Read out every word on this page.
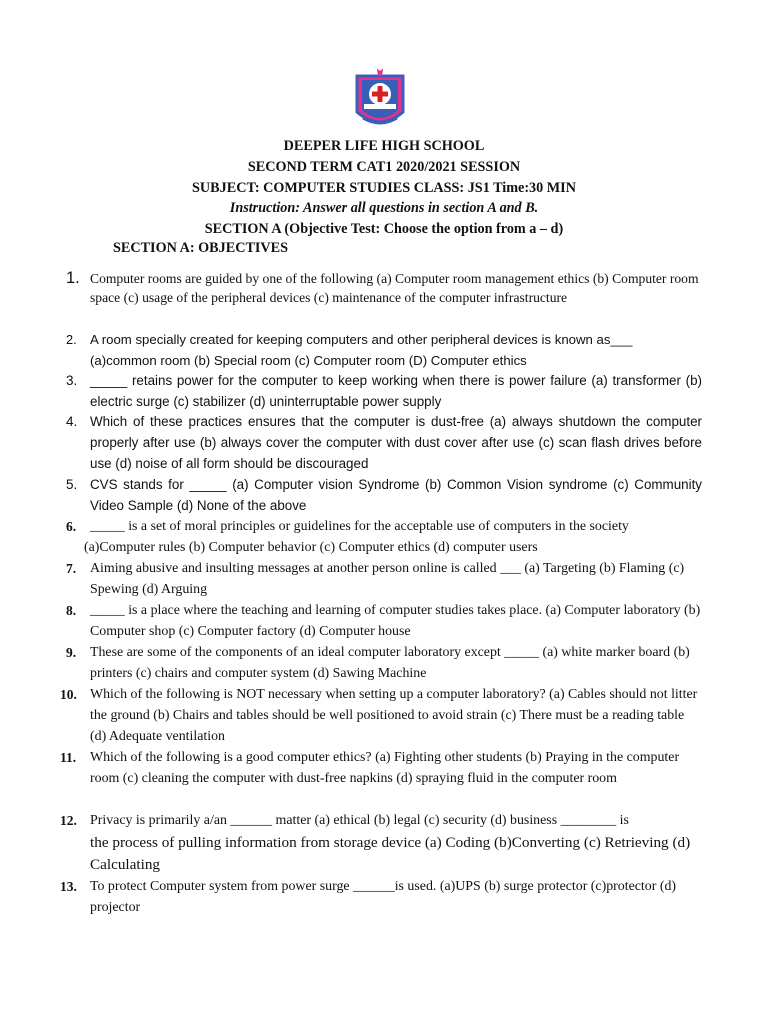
DEEPER LIFE HIGH SCHOOL
SECOND TERM CAT1 2020/2021 SESSION
SUBJECT: COMPUTER STUDIES CLASS: JS1 Time:30 MIN
Instruction: Answer all questions in section A and B.
SECTION A (Objective Test: Choose the option from a – d)
SECTION A: OBJECTIVES
1. Computer rooms are guided by one of the following (a) Computer room management ethics (b) Computer room space (c) usage of the peripheral devices (c) maintenance of the computer infrastructure
2. A room specially created for keeping computers and other peripheral devices is known as___ (a)common room (b) Special room (c) Computer room (D) Computer ethics
3. _____ retains power for the computer to keep working when there is power failure (a) transformer (b) electric surge (c) stabilizer (d) uninterruptable power supply
4. Which of these practices ensures that the computer is dust-free (a) always shutdown the computer properly after use (b) always cover the computer with dust cover after use (c) scan flash drives before use (d) noise of all form should be discouraged
5. CVS stands for _____ (a) Computer vision Syndrome (b) Common Vision syndrome (c) Community Video Sample (d) None of the above
6. _____ is a set of moral principles or guidelines for the acceptable use of computers in the society
(a)Computer rules (b) Computer behavior (c) Computer ethics (d) computer users
7. Aiming abusive and insulting messages at another person online is called ___ (a) Targeting (b) Flaming (c) Spewing (d) Arguing
8. _____ is a place where the teaching and learning of computer studies takes place. (a) Computer laboratory (b) Computer shop (c) Computer factory (d) Computer house
9. These are some of the components of an ideal computer laboratory except _____ (a) white marker board (b) printers (c) chairs and computer system (d) Sawing Machine
10. Which of the following is NOT necessary when setting up a computer laboratory? (a) Cables should not litter the ground (b) Chairs and tables should be well positioned to avoid strain (c) There must be a reading table (d) Adequate ventilation
11. Which of the following is a good computer ethics? (a) Fighting other students (b) Praying in the computer room (c) cleaning the computer with dust-free napkins (d) spraying fluid in the computer room
12. Privacy is primarily a/an ______ matter (a) ethical (b) legal (c) security (d) business ________ is
the process of pulling information from storage device (a) Coding (b)Converting (c) Retrieving (d) Calculating
13. To protect Computer system from power surge ______is used. (a)UPS (b) surge protector (c)protector (d) projector
